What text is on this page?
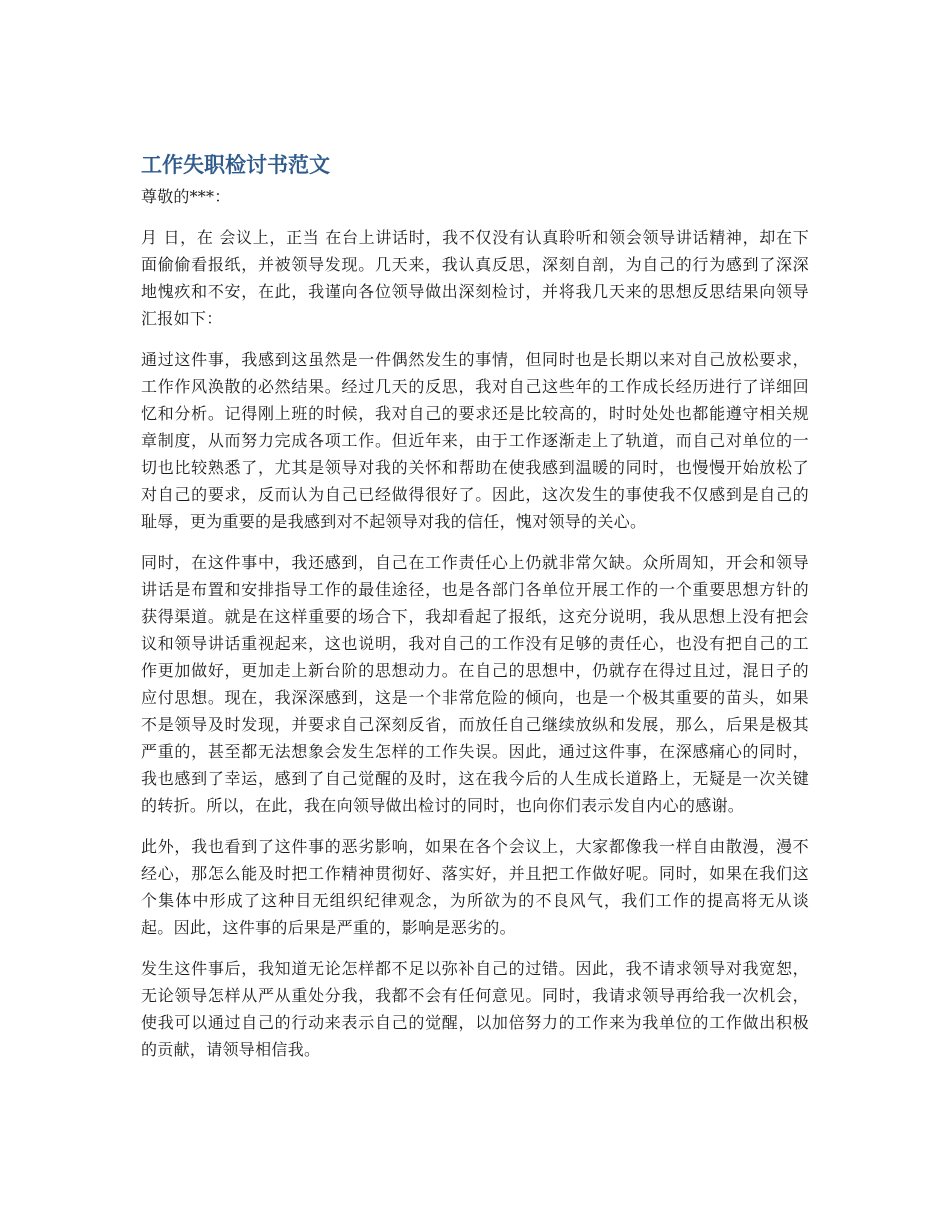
工作失职检讨书范文

尊敬的***：

月 日，在 会议上，正当 在台上讲话时，我不仅没有认真聆听和领会领导讲话精神，却在下面偷偷看报纸，并被领导发现。几天来，我认真反思，深刻自剖，为自己的行为感到了深深地愧疚和不安，在此，我谨向各位领导做出深刻检讨，并将我几天来的思想反思结果向领导汇报如下：

通过这件事，我感到这虽然是一件偶然发生的事情，但同时也是长期以来对自己放松要求，工作作风涣散的必然结果。经过几天的反思，我对自己这些年的工作成长经历进行了详细回忆和分析。记得刚上班的时候，我对自己的要求还是比较高的，时时处处也都能遵守相关规章制度，从而努力完成各项工作。但近年来，由于工作逐渐走上了轨道，而自己对单位的一切也比较熟悉了，尤其是领导对我的关怀和帮助在使我感到温暖的同时，也慢慢开始放松了对自己的要求，反而认为自己已经做得很好了。因此，这次发生的事使我不仅感到是自己的耻辱，更为重要的是我感到对不起领导对我的信任，愧对领导的关心。

同时，在这件事中，我还感到，自己在工作责任心上仍就非常欠缺。众所周知，开会和领导讲话是布置和安排指导工作的最佳途径，也是各部门各单位开展工作的一个重要思想方针的获得渠道。就是在这样重要的场合下，我却看起了报纸，这充分说明，我从思想上没有把会议和领导讲话重视起来，这也说明，我对自己的工作没有足够的责任心，也没有把自己的工作更加做好，更加走上新台阶的思想动力。在自己的思想中，仍就存在得过且过，混日子的应付思想。现在，我深深感到，这是一个非常危险的倾向，也是一个极其重要的苗头，如果不是领导及时发现，并要求自己深刻反省，而放任自己继续放纵和发展，那么，后果是极其严重的，甚至都无法想象会发生怎样的工作失误。因此，通过这件事，在深感痛心的同时，我也感到了幸运，感到了自己觉醒的及时，这在我今后的人生成长道路上，无疑是一次关键的转折。所以，在此，我在向领导做出检讨的同时，也向你们表示发自内心的感谢。

此外，我也看到了这件事的恶劣影响，如果在各个会议上，大家都像我一样自由散漫，漫不经心，那怎么能及时把工作精神贯彻好、落实好，并且把工作做好呢。同时，如果在我们这个集体中形成了这种目无组织纪律观念，为所欲为的不良风气，我们工作的提高将无从谈起。因此，这件事的后果是严重的，影响是恶劣的。

发生这件事后，我知道无论怎样都不足以弥补自己的过错。因此，我不请求领导对我宽恕，无论领导怎样从严从重处分我，我都不会有任何意见。同时，我请求领导再给我一次机会，使我可以通过自己的行动来表示自己的觉醒，以加倍努力的工作来为我单位的工作做出积极的贡献，请领导相信我。
